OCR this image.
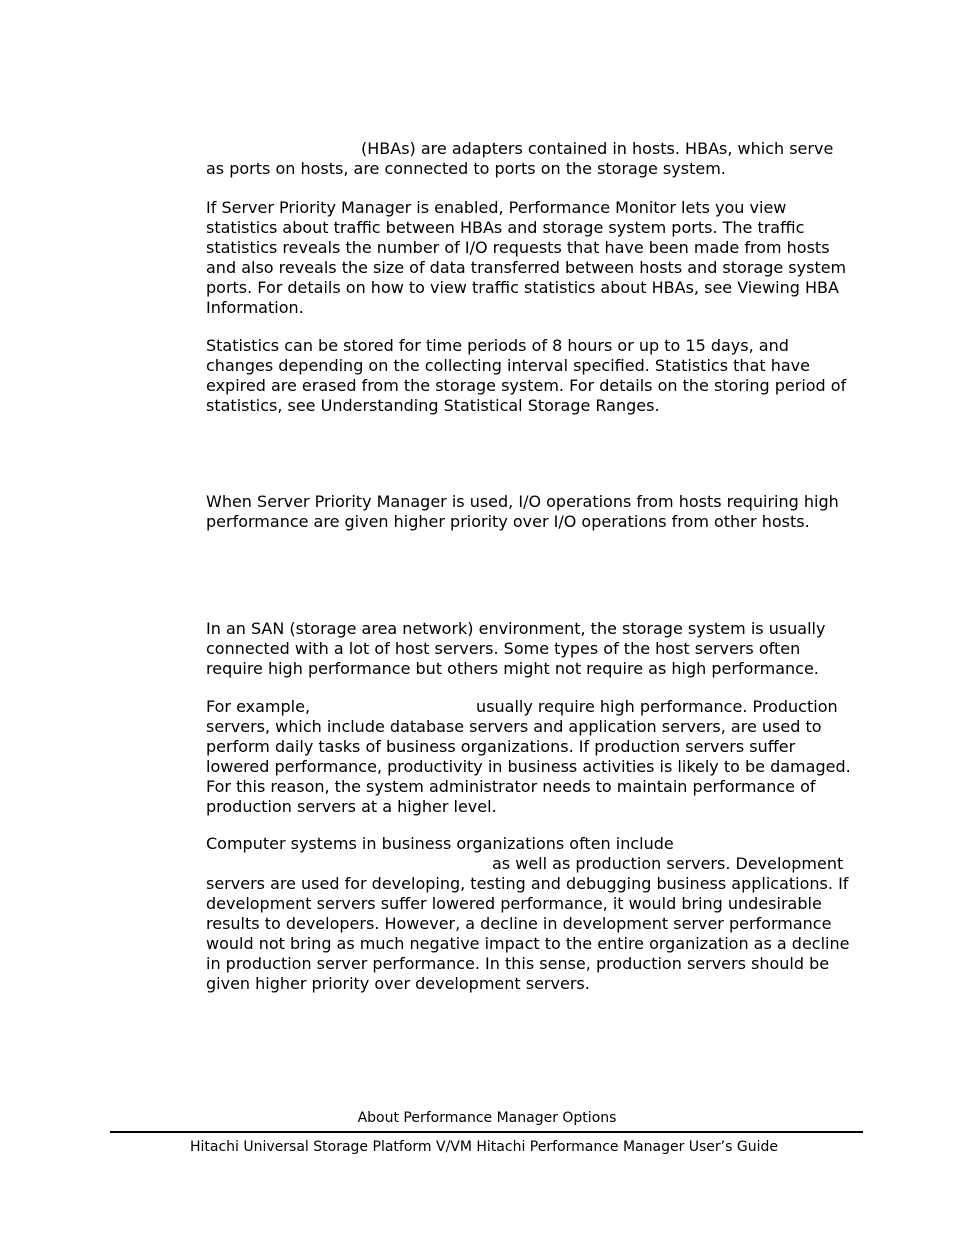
(HBAs) are adapters contained in hosts. HBAs, which serve as ports on hosts, are connected to ports on the storage system.

If Server Priority Manager is enabled, Performance Monitor lets you view statistics about traffic between HBAs and storage system ports. The traffic statistics reveals the number of I/O requests that have been made from hosts and also reveals the size of data transferred between hosts and storage system ports. For details on how to view traffic statistics about HBAs, see Viewing HBA Information.

Statistics can be stored for time periods of 8 hours or up to 15 days, and changes depending on the collecting interval specified. Statistics that have expired are erased from the storage system. For details on the storing period of statistics, see Understanding Statistical Storage Ranges.

When Server Priority Manager is used, I/O operations from hosts requiring high performance are given higher priority over I/O operations from other hosts.

In an SAN (storage area network) environment, the storage system is usually connected with a lot of host servers. Some types of the host servers often require high performance but others might not require as high performance.

For example,	usually require high performance. Production servers, which include database servers and application servers, are used to perform daily tasks of business organizations. If production servers suffer lowered performance, productivity in business activities is likely to be damaged. For this reason, the system administrator needs to maintain performance of production servers at a higher level.

Computer systems in business organizations often includeas well as production servers. Development servers are used for developing, testing and debugging business applications. If development servers suffer lowered performance, it would bring undesirable results to developers. However, a decline in development server performance would not bring as much negative impact to the entire organization as a decline in production server performance. In this sense, production servers should be given higher priority over development servers.

About Performance Manager Options
Hitachi Universal Storage Platform V/VM Hitachi Performance Manager User’s Guide
